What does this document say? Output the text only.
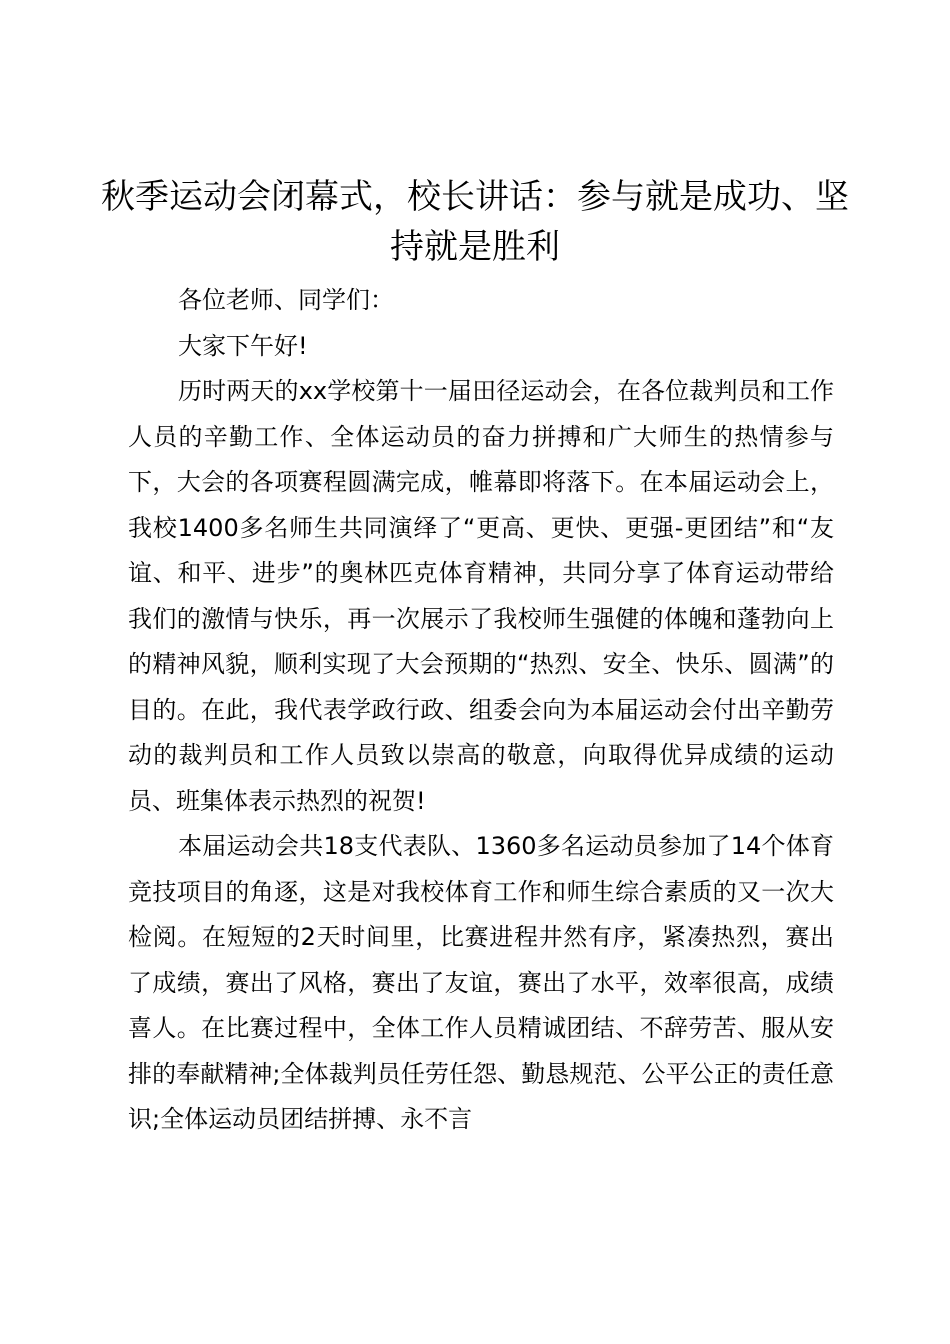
秋季运动会闭幕式，校长讲话：参与就是成功、坚持就是胜利

各位老师、同学们：

大家下午好!

历时两天的xx学校第十一届田径运动会，在各位裁判员和工作人员的辛勤工作、全体运动员的奋力拼搏和广大师生的热情参与下，大会的各项赛程圆满完成，帷幕即将落下。在本届运动会上，我校1400多名师生共同演绎了“更高、更快、更强-更团结”和“友谊、和平、进步”的奥林匹克体育精神，共同分享了体育运动带给我们的激情与快乐，再一次展示了我校师生强健的体魄和蓬勃向上的精神风貌，顺利实现了大会预期的“热烈、安全、快乐、圆满”的目的。在此，我代表学政行政、组委会向为本届运动会付出辛勤劳动的裁判员和工作人员致以崇高的敬意，向取得优异成绩的运动员、班集体表示热烈的祝贺!

本届运动会共18支代表队、1360多名运动员参加了14个体育竞技项目的角逐，这是对我校体育工作和师生综合素质的又一次大检阅。在短短的2天时间里，比赛进程井然有序，紧凑热烈，赛出了成绩，赛出了风格，赛出了友谊，赛出了水平，效率很高，成绩喜人。在比赛过程中，全体工作人员精诚团结、不辞劳苦、服从安排的奉献精神;全体裁判员任劳任怨、勤恳规范、公平公正的责任意识;全体运动员团结拼搏、永不言
